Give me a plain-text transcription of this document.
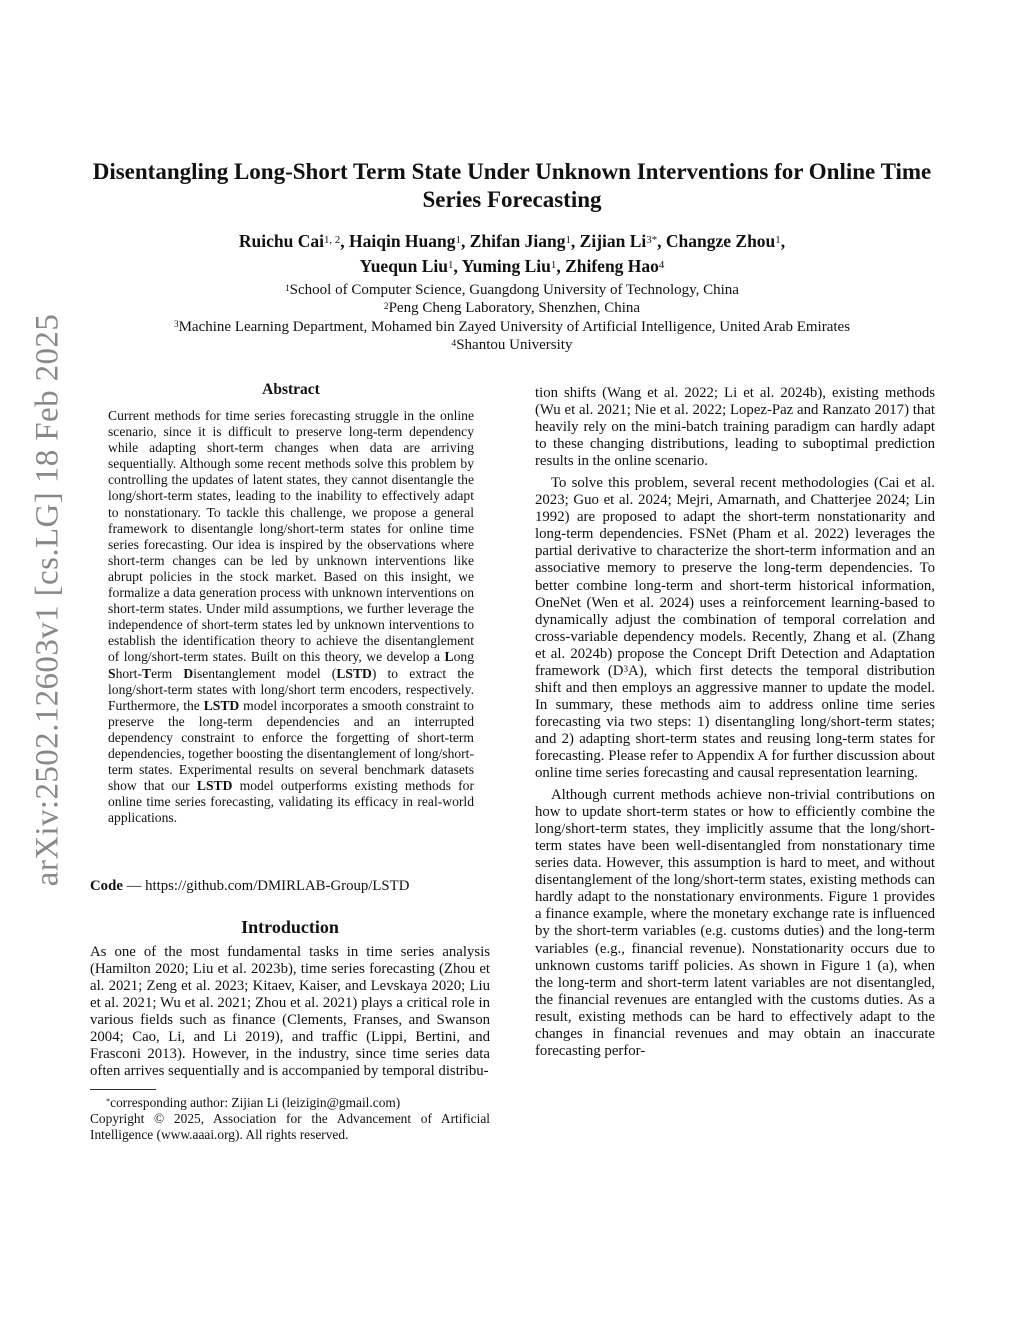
arXiv:2502.12603v1 [cs.LG] 18 Feb 2025
Disentangling Long-Short Term State Under Unknown Interventions for Online Time Series Forecasting
Ruichu Cai$^{1, 2}$, Haiqin Huang$^1$, Zhifan Jiang$^1$, Zijian $Li^{3*}$, Changze Zhou$^1$,
Yuequn Liu$^1$, Yuming Liu$^1$, Zhifeng Hao$^4$
$^1$School of Computer Science, Guangdong University of Technology, China
$^2$Peng Cheng Laboratory, Shenzhen, China
$^3$Machine Learning Department, Mohamed bin Zayed University of Artificial Intelligence, United Arab Emirates
$^4$Shantou University
Abstract

Current methods for time series forecasting struggle in the online scenario, since it is difficult to preserve long-term dependency while adapting short-term changes when data are arriving sequentially. Although some recent methods solve this problem by controlling the updates of latent states, they cannot disentangle the long/short-term states, leading to the inability to effectively adapt to nonstationary. To tackle this challenge, we propose a general framework to disentangle long/short-term states for online time series forecasting. Our idea is inspired by the observations where short-term changes can be led by unknown interventions like abrupt policies in the stock market. Based on this insight, we formalize a data generation process with unknown interventions on short-term states. Under mild assumptions, we further leverage the independence of short-term states led by unknown interventions to establish the identification theory to achieve the disentanglement of long/short-term states. Built on this theory, we develop a Long Short-Term Disentanglement model (LSTD) to extract the long/short-term states with long/short term encoders, respectively. Furthermore, the LSTD model incorporates a smooth constraint to preserve the long-term dependencies and an interrupted dependency constraint to enforce the forgetting of short-term dependencies, together boosting the disentanglement of long/short-term states. Experimental results on several benchmark datasets show that our LSTD model outperforms existing methods for online time series forecasting, validating its efficacy in real-world applications.

Code — https://github.com/DMIRLAB-Group/LSTD

Introduction

As one of the most fundamental tasks in time series analysis (Hamilton 2020; Liu et al. 2023b), time series forecasting (Zhou et al. 2021; Zeng et al. 2023; Kitaev, Kaiser, and Levskaya 2020; Liu et al. 2021; Wu et al. 2021; Zhou et al. 2021) plays a critical role in various fields such as finance (Clements, Franses, and Swanson 2004; Cao, Li, and Li 2019), and traffic (Lippi, Bertini, and Frasconi 2013). However, in the industry, since time series data often arrives sequentially and is accompanied by temporal distribu-

*corresponding author: Zijian Li (leizigin@gmail.com)

Copyright © 2025, Association for the Advancement of Artificial Intelligence (www.aaai.org). All rights reserved.

tion shifts (Wang et al. 2022; Li et al. 2024b), existing methods (Wu et al. 2021; Nie et al. 2022; Lopez-Paz and Ranzato 2017) that heavily rely on the mini-batch training paradigm can hardly adapt to these changing distributions, leading to suboptimal prediction results in the online scenario.

To solve this problem, several recent methodologies (Cai et al. 2023; Guo et al. 2024; Mejri, Amarnath, and Chatterjee 2024; Lin 1992) are proposed to adapt the short-term nonstationarity and long-term dependencies. FSNet (Pham et al. 2022) leverages the partial derivative to characterize the short-term information and an associative memory to preserve the long-term dependencies. To better combine long-term and short-term historical information, OneNet (Wen et al. 2024) uses a reinforcement learning-based to dynamically adjust the combination of temporal correlation and cross-variable dependency models. Recently, Zhang et al. (Zhang et al. 2024b) propose the Concept Drift Detection and Adaptation framework $(D^3A)$, which first detects the temporal distribution shift and then employs an aggressive manner to update the model. In summary, these methods aim to address online time series forecasting via two steps: 1) disentangling long/short-term states; and 2) adapting short-term states and reusing long-term states for forecasting. Please refer to Appendix A for further discussion about online time series forecasting and causal representation learning.

Although current methods achieve non-trivial contributions on how to update short-term states or how to efficiently combine the long/short-term states, they implicitly assume that the long/short-term states have been well-disentangled from nonstationary time series data. However, this assumption is hard to meet, and without disentanglement of the long/short-term states, existing methods can hardly adapt to the nonstationary environments. Figure 1 provides a finance example, where the monetary exchange rate is influenced by the short-term variables (e.g. customs duties) and the long-term variables (e.g., financial revenue). Nonstationarity occurs due to unknown customs tariff policies. As shown in Figure 1 (a), when the long-term and short-term latent variables are not disentangled, the financial revenues are entangled with the customs duties. As a result, existing methods can be hard to effectively adapt to the changes in financial revenues and may obtain an inaccurate forecasting perfor-
